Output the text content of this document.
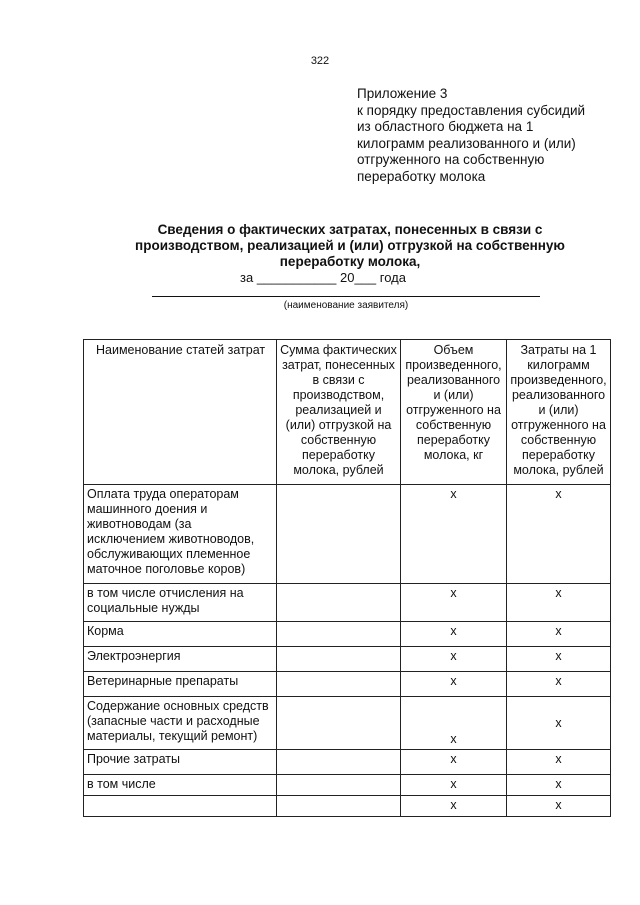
322
Приложение 3
к порядку предоставления субсидий
из областного бюджета на 1
килограмм реализованного и (или)
отгруженного на собственную
переработку молока
Сведения о фактических затратах, понесенных в связи с
производством, реализацией и (или) отгрузкой на собственную
переработку молока,
за ___________ 20___ года
(наименование заявителя)
Наименование статей затрат	Сумма фактических затрат, понесенных в связи с производством, реализацией и (или) отгрузкой на собственную переработку молока, рублей	Объем произведенного, реализованного и (или) отгруженного на собственную переработку молока, кг	Затраты на 1 килограмм произведенного, реализованного и (или) отгруженного на собственную переработку молока, рублей
Оплата труда операторам машинного доения и животноводам (за исключением животноводов, обслуживающих племенное маточное поголовье коров)		x	x
в том числе отчисления на социальные нужды		x	x
Корма		x	x
Электроэнергия		x	x
Ветеринарные препараты		x	x
Содержание основных средств (запасные части и расходные материалы, текущий ремонт)		x	x
Прочие затраты		x	x
в том числе		x	x
		x	x
